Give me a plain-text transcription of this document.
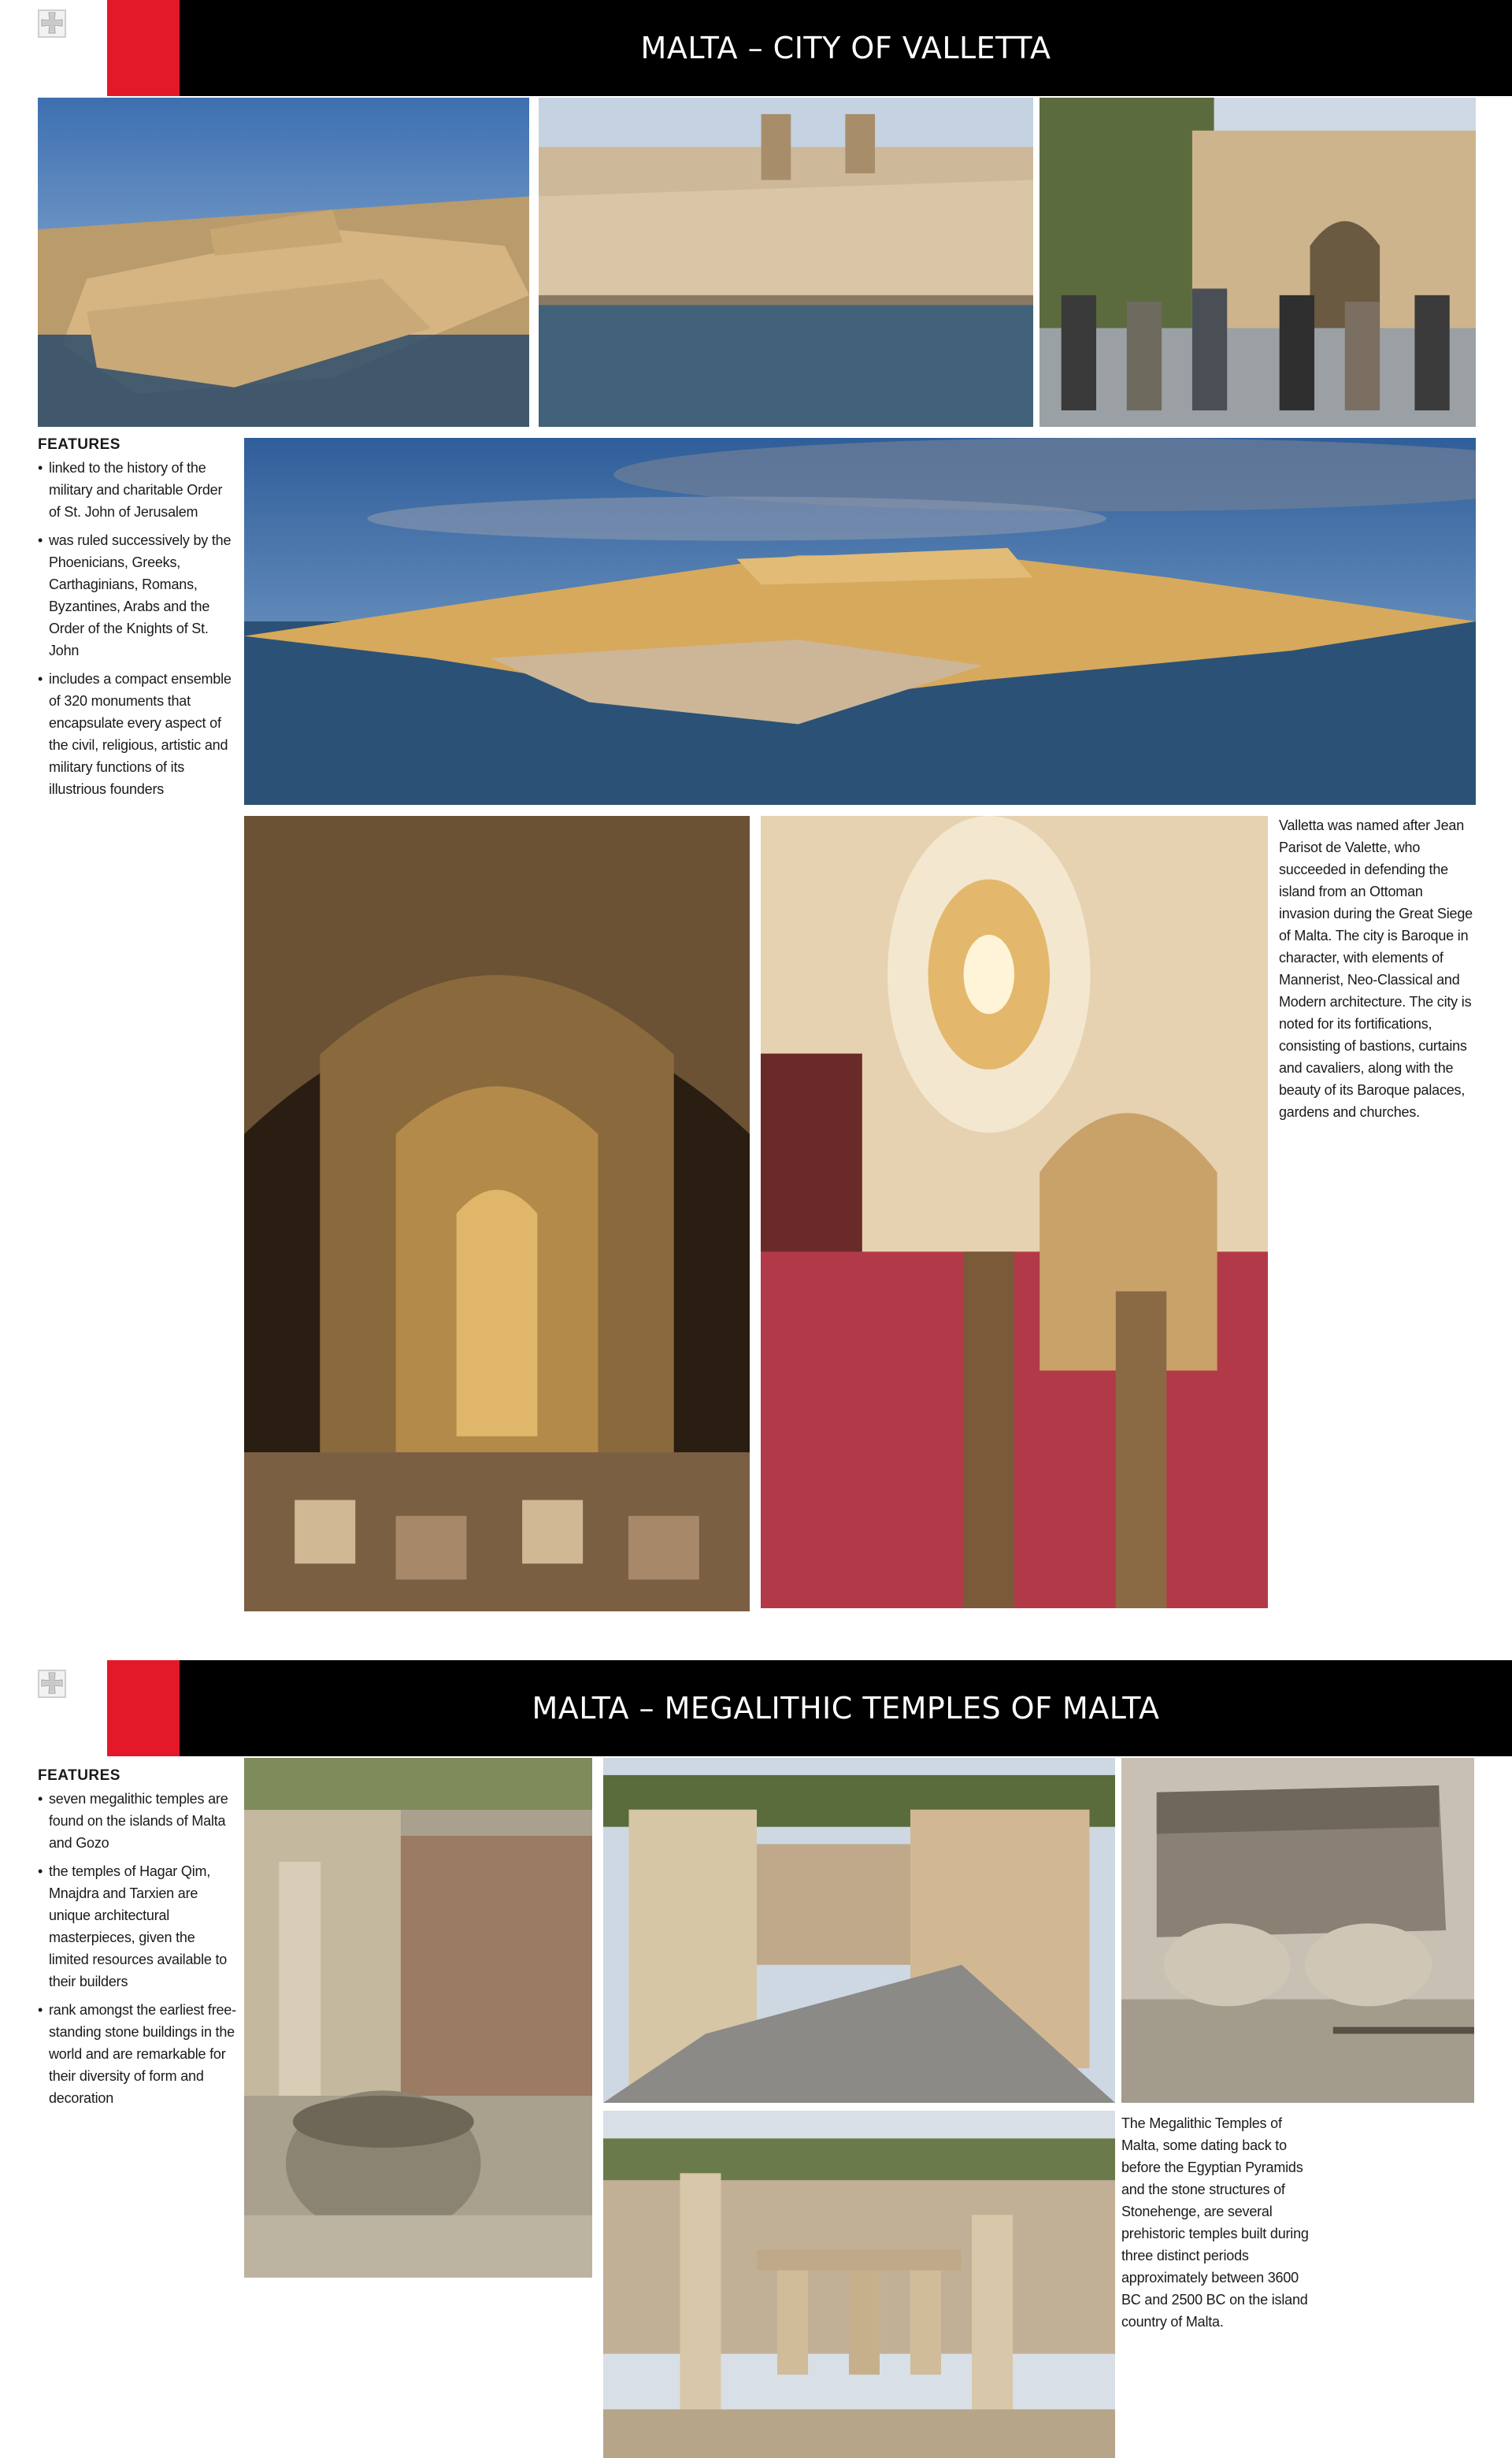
MALTA – CITY OF VALLETTA
FEATURES
• linked to the history of the military and charitable Order of St. John of Jerusalem
• was ruled successively by the Phoenicians, Greeks, Carthaginians, Romans, Byzantines, Arabs and the Order of the Knights of St. John
• includes a compact ensemble of 320 monuments that encapsulate every aspect of the civil, religious, artistic and military functions of its illustrious founders

Valletta was named after Jean Parisot de Valette, who succeeded in defending the island from an Ottoman invasion during the Great Siege of Malta. The city is Baroque in character, with elements of Mannerist, Neo-Classical and Modern architecture. The city is noted for its fortifications, consisting of bastions, curtains and cavaliers, along with the beauty of its Baroque palaces, gardens and churches.

MALTA – MEGALITHIC TEMPLES OF MALTA
FEATURES
• seven megalithic temples are found on the islands of Malta and Gozo
• the temples of Hagar Qim, Mnajdra and Tarxien are unique architectural masterpieces, given the limited resources available to their builders
• rank amongst the earliest free-standing stone buildings in the world and are remarkable for their diversity of form and decoration

The Megalithic Temples of Malta, some dating back to before the Egyptian Pyramids and the stone structures of Stonehenge, are several prehistoric temples built during three distinct periods approximately between 3600 BC and 2500 BC on the island country of Malta.
